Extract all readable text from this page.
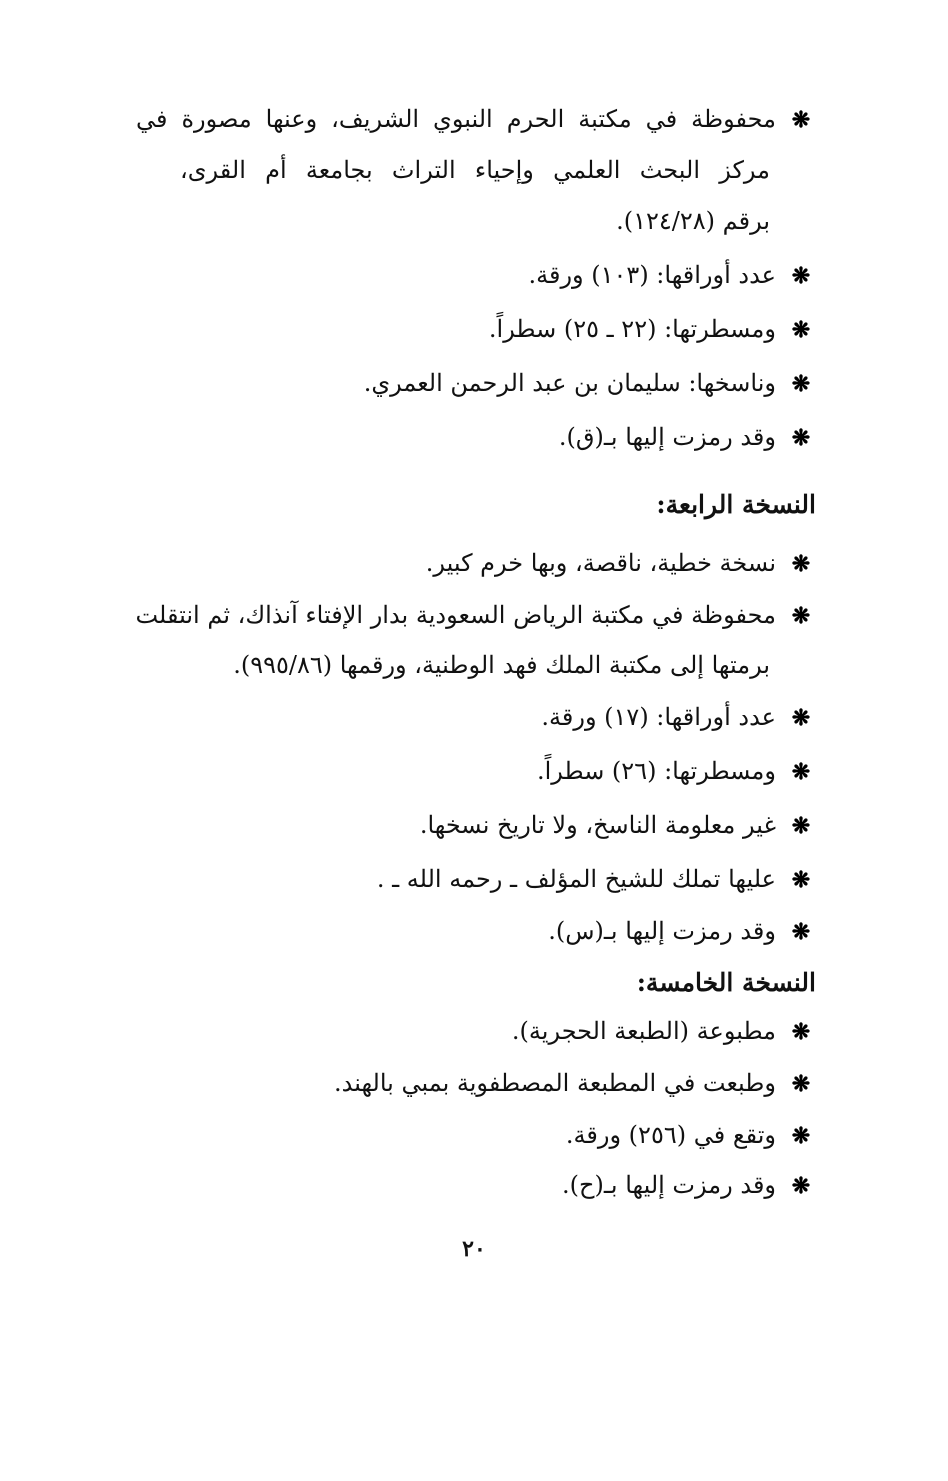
❋محفوظة في مكتبة الحرم النبوي الشريف، وعنها مصورة في
مركز البحث العلمي وإحياء التراث بجامعة أم القرى،
برقم (١٢٤/٢٨).
❋عدد أوراقها: (١٠٣) ورقة.
❋ومسطرتها: (٢٢ ـ ٢٥) سطراً.
❋وناسخها: سليمان بن عبد الرحمن العمري.
❋وقد رمزت إليها بـ(ق).
النسخة الرابعة:
❋نسخة خطية، ناقصة، وبها خرم كبير.
❋محفوظة في مكتبة الرياض السعودية بدار الإفتاء آنذاك، ثم انتقلت
برمتها إلى مكتبة الملك فهد الوطنية، ورقمها (٩٩٥/٨٦).
❋عدد أوراقها: (١٧) ورقة.
❋ومسطرتها: (٢٦) سطراً.
❋غير معلومة الناسخ، ولا تاريخ نسخها.
❋عليها تملك للشيخ المؤلف ـ رحمه الله ـ .
❋وقد رمزت إليها بـ(س).
النسخة الخامسة:
❋مطبوعة (الطبعة الحجرية).
❋وطبعت في المطبعة المصطفوية بمبي بالهند.
❋وتقع في (٢٥٦) ورقة.
❋وقد رمزت إليها بـ(ح).
٢٠
